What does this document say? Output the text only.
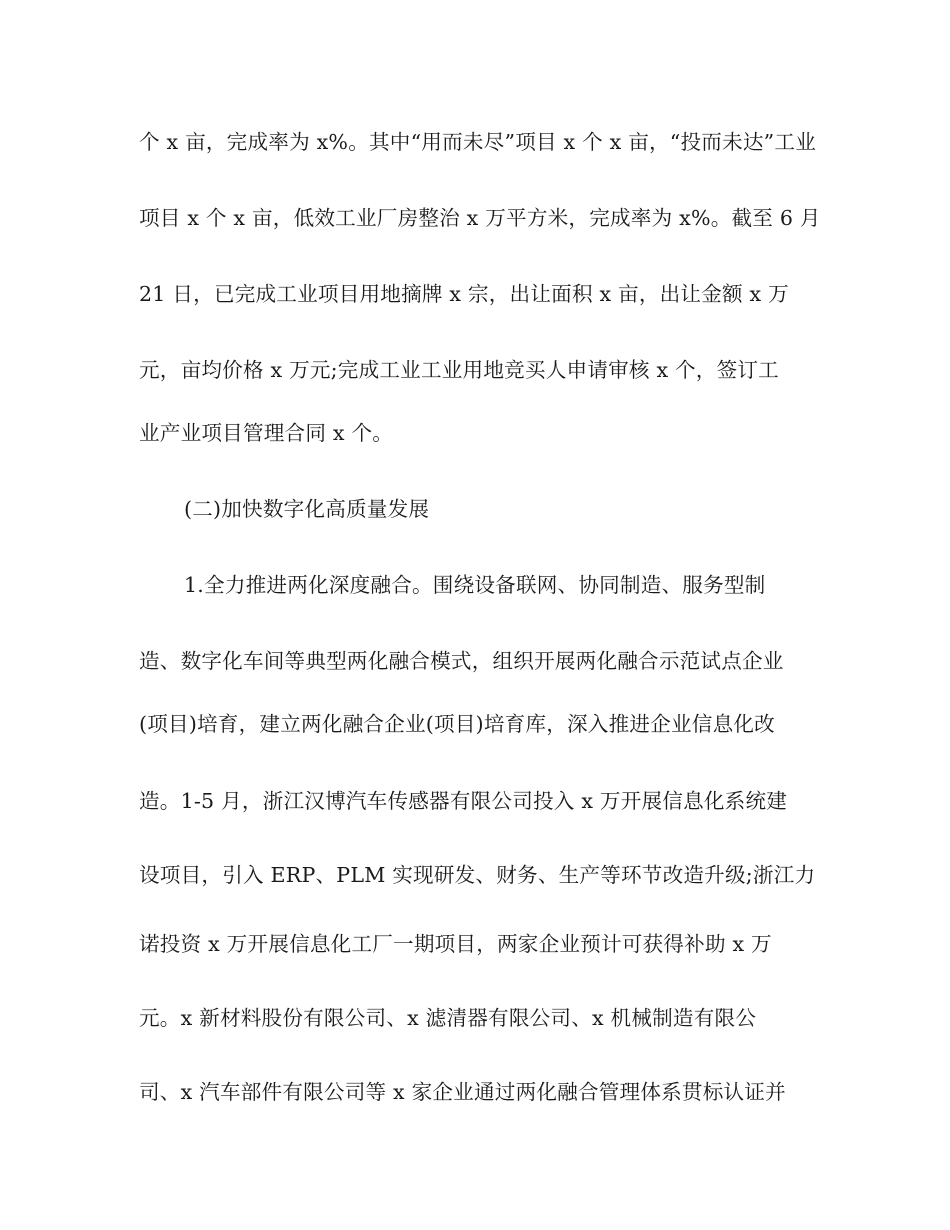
个 x 亩，完成率为 x%。其中“用而未尽”项目 x 个 x 亩，“投而未达”工业
项目 x 个 x 亩，低效工业厂房整治 x 万平方米，完成率为 x%。截至 6 月
21 日，已完成工业项目用地摘牌 x 宗，出让面积 x 亩，出让金额 x 万
元，亩均价格 x 万元;完成工业工业用地竞买人申请审核 x 个，签订工
业产业项目管理合同 x 个。
(二)加快数字化高质量发展
1.全力推进两化深度融合。围绕设备联网、协同制造、服务型制
造、数字化车间等典型两化融合模式，组织开展两化融合示范试点企业
(项目)培育，建立两化融合企业(项目)培育库，深入推进企业信息化改
造。1-5 月，浙江汉博汽车传感器有限公司投入 x 万开展信息化系统建
设项目，引入 ERP、PLM 实现研发、财务、生产等环节改造升级;浙江力
诺投资 x 万开展信息化工厂一期项目，两家企业预计可获得补助 x 万
元。x 新材料股份有限公司、x 滤清器有限公司、x 机械制造有限公
司、x 汽车部件有限公司等 x 家企业通过两化融合管理体系贯标认证并
